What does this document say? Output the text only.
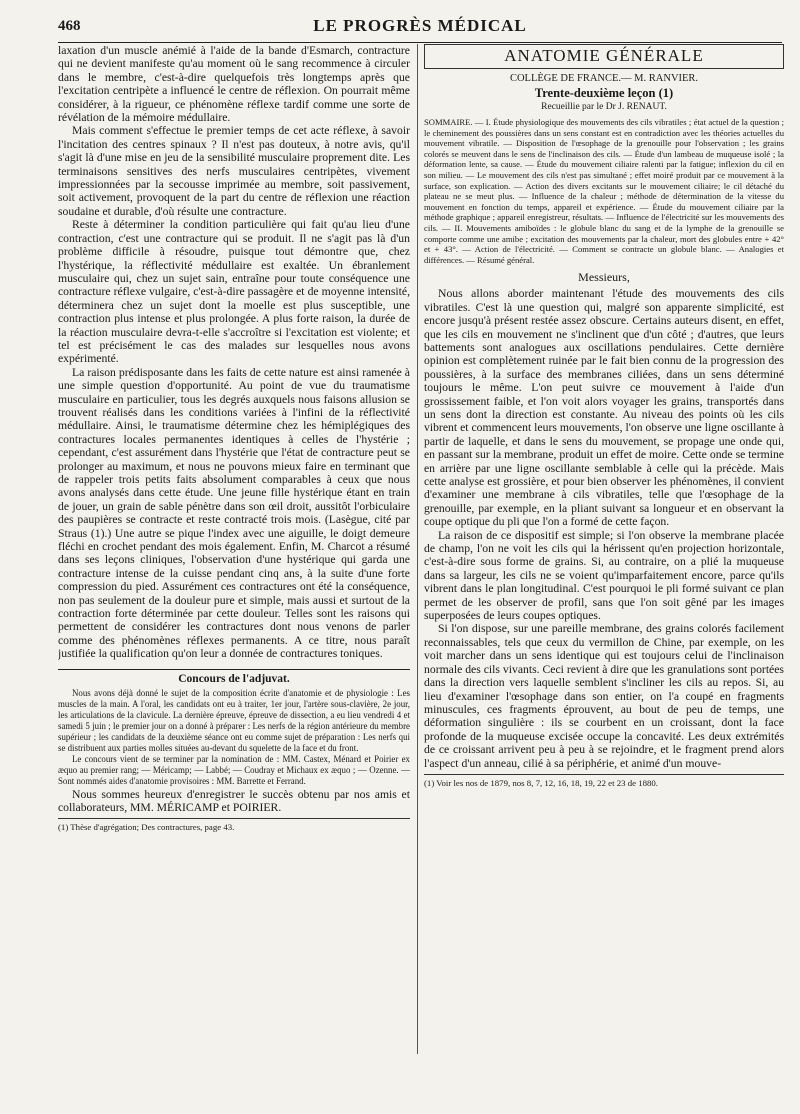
468	LE PROGRÈS MÉDICAL

laxation d'un muscle anémié à l'aide de la bande d'Esmarch, contracture qui ne devient manifeste qu'au moment où le sang recommence à circuler dans le membre, c'est-à-dire quelquefois très longtemps après que l'excitation centripète a influencé le centre de réflexion. On pourrait même considérer, à la rigueur, ce phénomène réflexe tardif comme une sorte de révélation de la mémoire médullaire.

Mais comment s'effectue le premier temps de cet acte réflexe, à savoir l'incitation des centres spinaux ? Il n'est pas douteux, à notre avis, qu'il s'agit là d'une mise en jeu de la sensibilité musculaire proprement dite. Les terminaisons sensitives des nerfs musculaires centripètes, vivement impressionnées par la secousse imprimée au membre, soit passivement, soit activement, provoquent de la part du centre de réflexion une réaction soudaine et durable, d'où résulte une contracture.

Reste à déterminer la condition particulière qui fait qu'au lieu d'une contraction, c'est une contracture qui se produit. Il ne s'agit pas là d'un problème difficile à résoudre, puisque tout démontre que, chez l'hystérique, la réflectivité médullaire est exaltée. Un ébranlement musculaire qui, chez un sujet sain, entraîne pour toute conséquence une contracture réflexe vulgaire, c'est-à-dire passagère et de moyenne intensité, déterminera chez un sujet dont la moelle est plus susceptible, une contraction plus intense et plus prolongée. A plus forte raison, la durée de la réaction musculaire devra-t-elle s'accroître si l'excitation est violente; et tel est précisément le cas des malades sur lesquelles nous avons expérimenté.

La raison prédisposante dans les faits de cette nature est ainsi ramenée à une simple question d'opportunité. Au point de vue du traumatisme musculaire en particulier, tous les degrés auxquels nous faisons allusion se trouvent réalisés dans les conditions variées à l'infini de la réflectivité médullaire. Ainsi, le traumatisme détermine chez les hémiplégiques des contractures locales permanentes identiques à celles de l'hystérie ; cependant, c'est assurément dans l'hystérie que l'état de contracture peut se prolonger au maximum, et nous ne pouvons mieux faire en terminant que de rappeler trois petits faits absolument comparables à ceux que nous avons analysés dans cette étude. Une jeune fille hystérique étant en train de jouer, un grain de sable pénètre dans son œil droit, aussitôt l'orbiculaire des paupières se contracte et reste contracté trois mois. (Lasègue, cité par Straus (1).) Une autre se pique l'index avec une aiguille, le doigt demeure fléchi en crochet pendant des mois également. Enfin, M. Charcot a résumé dans ses leçons cliniques, l'observation d'une hystérique qui garda une contracture intense de la cuisse pendant cinq ans, à la suite d'une forte compression du pied. Assurément ces contractures ont été la conséquence, non pas seulement de la douleur pure et simple, mais aussi et surtout de la contraction forte déterminée par cette douleur. Telles sont les raisons qui permettent de considérer les contractures dont nous venons de parler comme des phénomènes réflexes permanents. A ce titre, nous paraît justifiée la qualification qu'on leur a donnée de contractures toniques.

Concours de l'adjuvat.

Nous avons déjà donné le sujet de la composition écrite d'anatomie et de physiologie : Les muscles de la main. A l'oral, les candidats ont eu à traiter, 1er jour, l'artère sous-clavière, 2e jour, les articulations de la clavicule. La dernière épreuve, épreuve de dissection, a eu lieu vendredi 4 et samedi 5 juin ; le premier jour on a donné à préparer : Les nerfs de la région antérieure du membre supérieur ; les candidats de la deuxième séance ont eu comme sujet de préparation : Les nerfs qui se distribuent aux parties molles situées au-devant du squelette de la face et du front.

Le concours vient de se terminer par la nomination de : MM. Castex, Ménard et Poirier ex æquo au premier rang; — Méricamp; — Labbé; — Coudray et Michaux ex æquo ; — Ozenne. — Sont nommés aides d'anatomie provisoires : MM. Barrette et Ferrand.

Nous sommes heureux d'enregistrer le succès obtenu par nos amis et collaborateurs, MM. MÉRICAMP et POIRIER.

(1) Thèse d'agrégation; Des contractures, page 43.

ANATOMIE GÉNÉRALE

COLLÈGE DE FRANCE.— M. RANVIER.

Trente-deuxième leçon (1)

Recueillie par le Dr J. RENAUT.

SOMMAIRE. — I. Étude physiologique des mouvements des cils vibratiles ; état actuel de la question ; le cheminement des poussières dans un sens constant est en contradiction avec les théories actuelles du mouvement vibratile. — Disposition de l'œsophage de la grenouille pour l'observation ; les grains colorés se meuvent dans le sens de l'inclinaison des cils. — Étude d'un lambeau de muqueuse isolé ; la déformation lente, sa cause. — Étude du mouvement ciliaire ralenti par la fatigue; inflexion du cil en son milieu. — Le mouvement des cils n'est pas simultané ; effet moiré produit par ce mouvement à la surface, son explication. — Action des divers excitants sur le mouvement ciliaire; le cil détaché du plateau ne se meut plus. — Influence de la chaleur ; méthode de détermination de la vitesse du mouvement en fonction du temps, appareil et expérience. — Étude du mouvement ciliaire par la méthode graphique ; appareil enregistreur, résultats. — Influence de l'électricité sur les mouvements des cils. — II. Mouvements amiboïdes : le globule blanc du sang et de la lymphe de la grenouille se comporte comme une amibe ; excitation des mouvements par la chaleur, mort des globules entre + 42° et + 43°. — Action de l'électricité. — Comment se contracte un globule blanc. — Analogies et différences. — Résumé général.

Messieurs,

Nous allons aborder maintenant l'étude des mouvements des cils vibratiles. C'est là une question qui, malgré son apparente simplicité, est encore jusqu'à présent restée assez obscure. Certains auteurs disent, en effet, que les cils en mouvement ne s'inclinent que d'un côté ; d'autres, que leurs battements sont analogues aux oscillations pendulaires. Cette dernière opinion est complètement ruinée par le fait bien connu de la progression des poussières, à la surface des membranes ciliées, dans un sens déterminé toujours le même. L'on peut suivre ce mouvement à l'aide d'un grossissement faible, et l'on voit alors voyager les grains, transportés dans un sens dont la direction est constante. Au niveau des points où les cils vibrent et commencent leurs mouvements, l'on observe une ligne oscillante à partir de laquelle, et dans le sens du mouvement, se propage une onde qui, en passant sur la membrane, produit un effet de moire. Cette onde se termine en arrière par une ligne oscillante semblable à celle qui la précède. Mais cette analyse est grossière, et pour bien observer les phénomènes, il convient d'examiner une membrane à cils vibratiles, telle que l'œsophage de la grenouille, par exemple, en la pliant suivant sa longueur et en observant la coupe optique du pli que l'on a formé de cette façon.

La raison de ce dispositif est simple; si l'on observe la membrane placée de champ, l'on ne voit les cils qui la hérissent qu'en projection horizontale, c'est-à-dire sous forme de grains. Si, au contraire, on a plié la muqueuse dans sa largeur, les cils ne se voient qu'imparfaitement encore, parce qu'ils vibrent dans le plan longitudinal. C'est pourquoi le pli formé suivant ce plan permet de les observer de profil, sans que l'on soit gêné par les images superposées de leurs coupes optiques.

Si l'on dispose, sur une pareille membrane, des grains colorés facilement reconnaissables, tels que ceux du vermillon de Chine, par exemple, on les voit marcher dans un sens identique qui est toujours celui de l'inclinaison normale des cils vivants. Ceci revient à dire que les granulations sont portées dans la direction vers laquelle semblent s'incliner les cils au repos. Si, au lieu d'examiner l'œsophage dans son entier, on l'a coupé en fragments minuscules, ces fragments éprouvent, au bout de peu de temps, une déformation singulière : ils se courbent en un croissant, dont la face profonde de la muqueuse excisée occupe la concavité. Les deux extrémités de ce croissant arrivent peu à peu à se rejoindre, et le fragment prend alors l'aspect d'un anneau, cilié à sa périphérie, et animé d'un mouve-

(1) Voir les nos de 1879, nos 8, 7, 12, 16, 18, 19, 22 et 23 de 1880.
